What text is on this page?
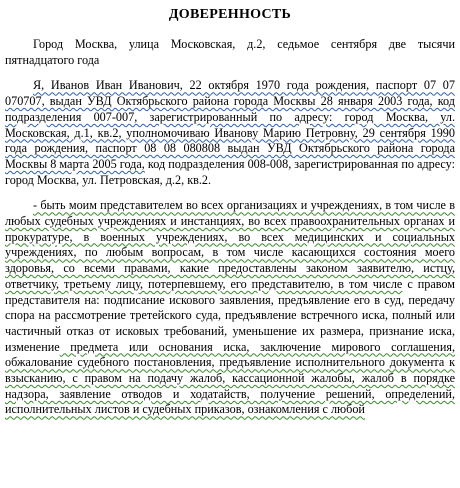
ДОВЕРЕННОСТЬ

Город Москва, улица Московская, д.2, седьмое сентября две тысячи пятнадцатого года

Я, Иванов Иван Иванович, 22 октября 1970 года рождения, паспорт 07 07 070707, выдан УВД Октябрьского района города Москвы 28 января 2003 года, код подразделения 007-007, зарегистрированный по адресу: город Москва, ул. Московская, д.1, кв.2, уполномочиваю Иванову Марию Петровну, 29 сентября 1990 года рождения, паспорт 08 08 080808 выдан УВД Октябрьского района города Москвы 8 марта 2005 года, код подразделения 008-008, зарегистрированная по адресу: город Москва, ул. Петровская, д.2, кв.2.

- быть моим представителем во всех организациях и учреждениях, в том числе в любых судебных учреждениях и инстанциях, во всех правоохранительных органах и прокуратуре, в военных учреждениях, во всех медицинских и социальных учреждениях, по любым вопросам, в том числе касающихся состояния моего здоровья, со всеми правами, какие предоставлены законом заявителю, истцу, ответчику, третьему лицу, потерпевшему, его представителю, в том числе с правом представителя на: подписание искового заявления, предъявление его в суд, передачу спора на рассмотрение третейского суда, предъявление встречного иска, полный или частичный отказ от исковых требований, уменьшение их размера, признание иска, изменение предмета или основания иска, заключение мирового соглашения, обжалование судебного постановления, предъявление исполнительного документа к взысканию, с правом на подачу жалоб, кассационной жалобы, жалоб в порядке надзора, заявление отводов и ходатайств, получение решений, определений, исполнительных листов и судебных приказов, ознакомления с любой
